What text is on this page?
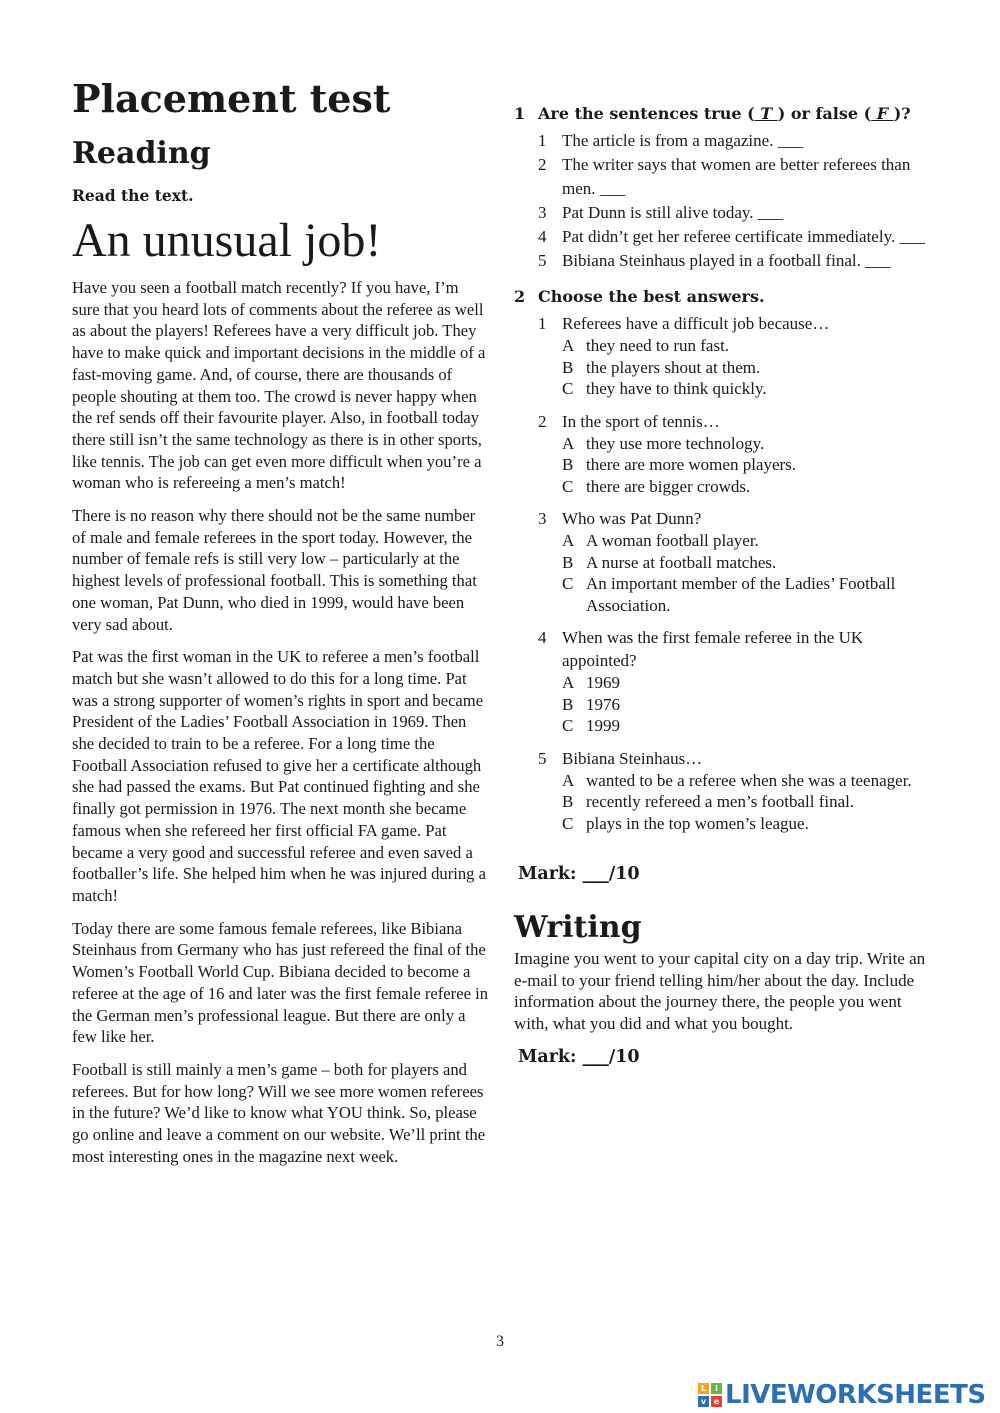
Placement test
Reading

Read the text.

An unusual job!

Have you seen a football match recently? If you have, I’m sure that you heard lots of comments about the referee as well as about the players! Referees have a very difficult job. They have to make quick and important decisions in the middle of a fast-moving game. And, of course, there are thousands of people shouting at them too. The crowd is never happy when the ref sends off their favourite player. Also, in football today there still isn’t the same technology as there is in other sports, like tennis. The job can get even more difficult when you’re a woman who is refereeing a men’s match!

There is no reason why there should not be the same number of male and female referees in the sport today. However, the number of female refs is still very low – particularly at the highest levels of professional football. This is something that one woman, Pat Dunn, who died in 1999, would have been very sad about.

Pat was the first woman in the UK to referee a men’s football match but she wasn’t allowed to do this for a long time. Pat was a strong supporter of women’s rights in sport and became President of the Ladies’ Football Association in 1969. Then she decided to train to be a referee. For a long time the Football Association refused to give her a certificate although she had passed the exams. But Pat continued fighting and she finally got permission in 1976. The next month she became famous when she refereed her first official FA game. Pat became a very good and successful referee and even saved a footballer’s life. She helped him when he was injured during a match!

Today there are some famous female referees, like Bibiana Steinhaus from Germany who has just refereed the final of the Women’s Football World Cup. Bibiana decided to become a referee at the age of 16 and later was the first female referee in the German men’s professional league. But there are only a few like her.

Football is still mainly a men’s game – both for players and referees. But for how long? Will we see more women referees in the future? We’d like to know what YOU think. So, please go online and leave a comment on our website. We’ll print the most interesting ones in the magazine next week.

1 Are the sentences true ( T ) or false ( F )?
1 The article is from a magazine. ___
2 The writer says that women are better referees than men. ___
3 Pat Dunn is still alive today. ___
4 Pat didn’t get her referee certificate immediately. ___
5 Bibiana Steinhaus played in a football final. ___
2 Choose the best answers.
1 Referees have a difficult job because…
A they need to run fast.
B the players shout at them.
C they have to think quickly.
2 In the sport of tennis…
A they use more technology.
B there are more women players.
C there are bigger crowds.
3 Who was Pat Dunn?
A A woman football player.
B A nurse at football matches.
C An important member of the Ladies’ Football Association.
4 When was the first female referee in the UK appointed?
A 1969
B 1976
C 1999
5 Bibiana Steinhaus…
A wanted to be a referee when she was a teenager.
B recently refereed a men’s football final.
C plays in the top women’s league.
Mark: ___/10
Writing

Imagine you went to your capital city on a day trip. Write an e-mail to your friend telling him/her about the day. Include information about the journey there, the people you went with, what you did and what you bought.

Mark: ___/10
3
L	i
v e LIVEWORKSHEETS
